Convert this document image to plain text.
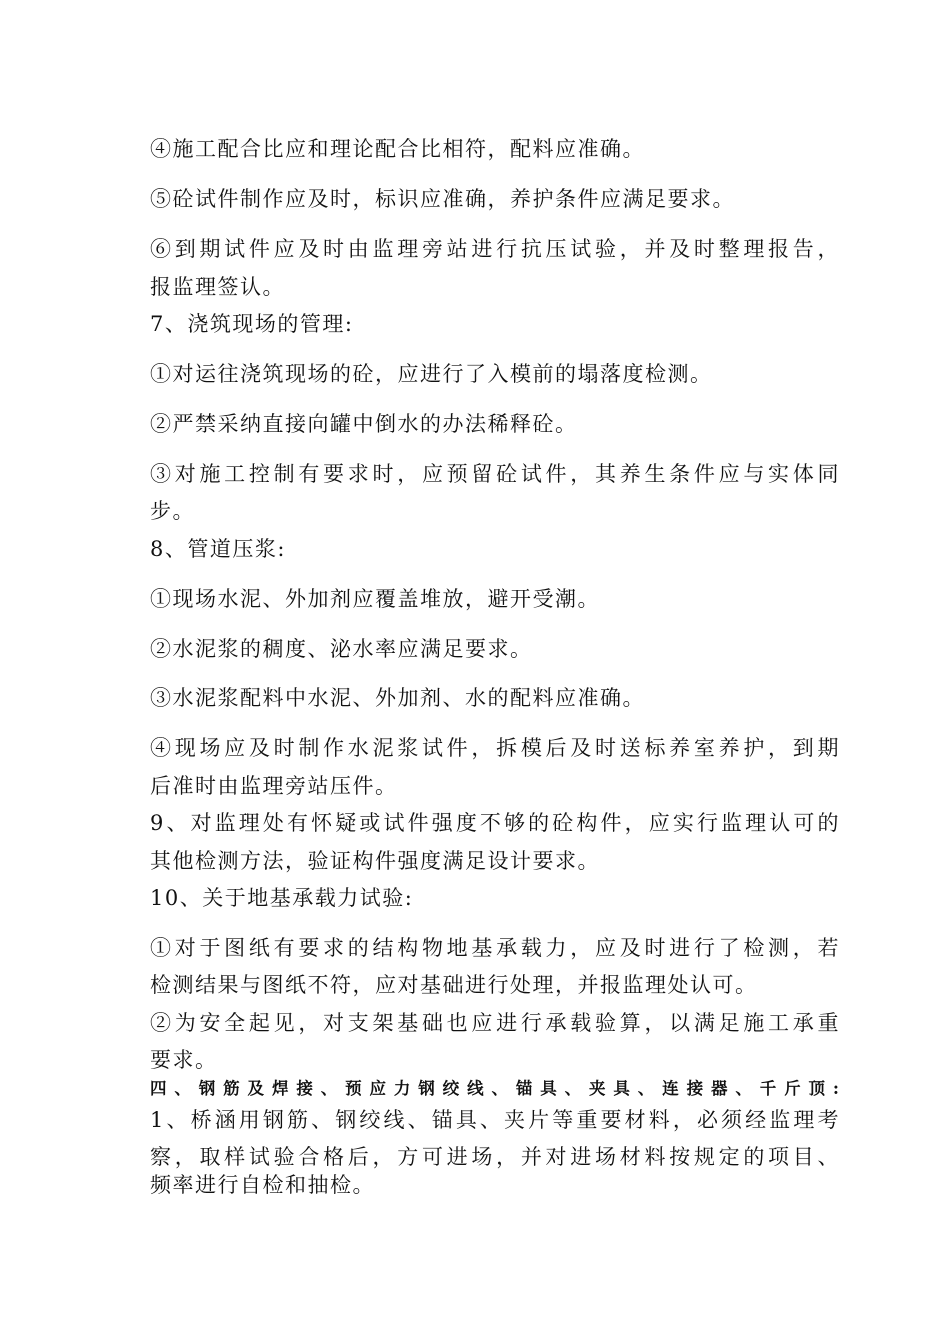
④施工配合比应和理论配合比相符，配料应准确。

⑤砼试件制作应及时，标识应准确，养护条件应满足要求。

⑥到期试件应及时由监理旁站进行抗压试验，并及时整理报告，

报监理签认。

7、浇筑现场的管理:

①对运往浇筑现场的砼，应进行了入模前的塌落度检测。

②严禁采纳直接向罐中倒水的办法稀释砼。

③对施工控制有要求时，应预留砼试件，其养生条件应与实体同

步。

8、管道压浆:

①现场水泥、外加剂应覆盖堆放，避开受潮。

②水泥浆的稠度、泌水率应满足要求。

③水泥浆配料中水泥、外加剂、水的配料应准确。

④现场应及时制作水泥浆试件，拆模后及时送标养室养护，到期

后准时由监理旁站压件。

9、对监理处有怀疑或试件强度不够的砼构件，应实行监理认可的

其他检测方法，验证构件强度满足设计要求。

10、关于地基承载力试验:

①对于图纸有要求的结构物地基承载力，应及时进行了检测，若

检测结果与图纸不符，应对基础进行处理，并报监理处认可。

②为安全起见，对支架基础也应进行承载验算，以满足施工承重

要求。

四、钢筋及焊接、预应力钢绞线、锚具、夹具、连接器、千斤顶:

1、桥涵用钢筋、钢绞线、锚具、夹片等重要材料，必须经监理考

察，取样试验合格后，方可进场，并对进场材料按规定的项目、

频率进行自检和抽检。
